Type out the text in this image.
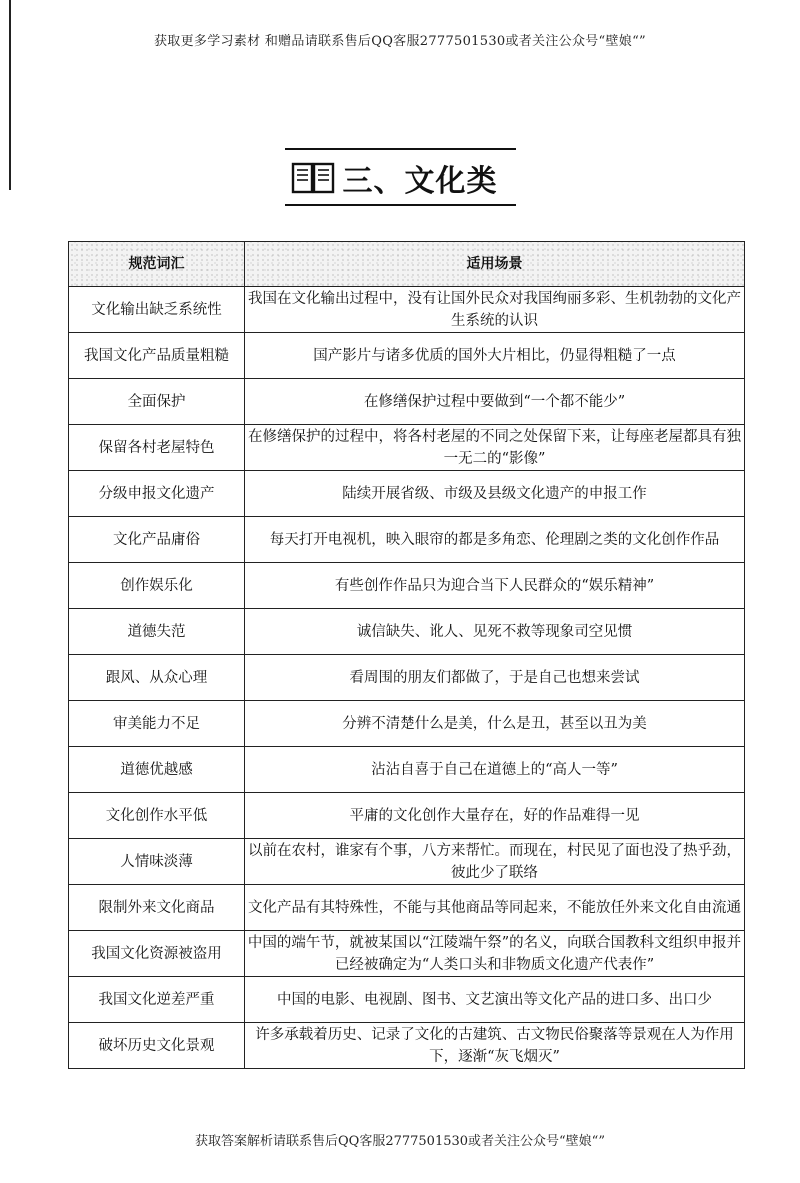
获取更多学习素材 和赠品请联系售后QQ客服2777501530或者关注公众号“壁娘“”
三、文化类
规范词汇	适用场景
文化输出缺乏系统性	我国在文化输出过程中，没有让国外民众对我国绚丽多彩、生机勃勃的文化产生系统的认识
我国文化产品质量粗糙	国产影片与诸多优质的国外大片相比，仍显得粗糙了一点
全面保护	在修缮保护过程中要做到“一个都不能少”
保留各村老屋特色	在修缮保护的过程中，将各村老屋的不同之处保留下来，让每座老屋都具有独一无二的“影像”
分级申报文化遗产	陆续开展省级、市级及县级文化遗产的申报工作
文化产品庸俗	每天打开电视机，映入眼帘的都是多角恋、伦理剧之类的文化创作作品
创作娱乐化	有些创作作品只为迎合当下人民群众的“娱乐精神”
道德失范	诚信缺失、讹人、见死不救等现象司空见惯
跟风、从众心理	看周围的朋友们都做了，于是自己也想来尝试
审美能力不足	分辨不清楚什么是美，什么是丑，甚至以丑为美
道德优越感	沾沾自喜于自己在道德上的“高人一等”
文化创作水平低	平庸的文化创作大量存在，好的作品难得一见
人情味淡薄	以前在农村，谁家有个事，八方来帮忙。而现在，村民见了面也没了热乎劲，彼此少了联络
限制外来文化商品	文化产品有其特殊性，不能与其他商品等同起来，不能放任外来文化自由流通
我国文化资源被盗用	中国的端午节，就被某国以“江陵端午祭”的名义，向联合国教科文组织申报并已经被确定为“人类口头和非物质文化遗产代表作”
我国文化逆差严重	中国的电影、电视剧、图书、文艺演出等文化产品的进口多、出口少
破坏历史文化景观	许多承载着历史、记录了文化的古建筑、古文物民俗聚落等景观在人为作用下，逐渐“灰飞烟灭”
获取答案解析请联系售后QQ客服2777501530或者关注公众号“壁娘“”
